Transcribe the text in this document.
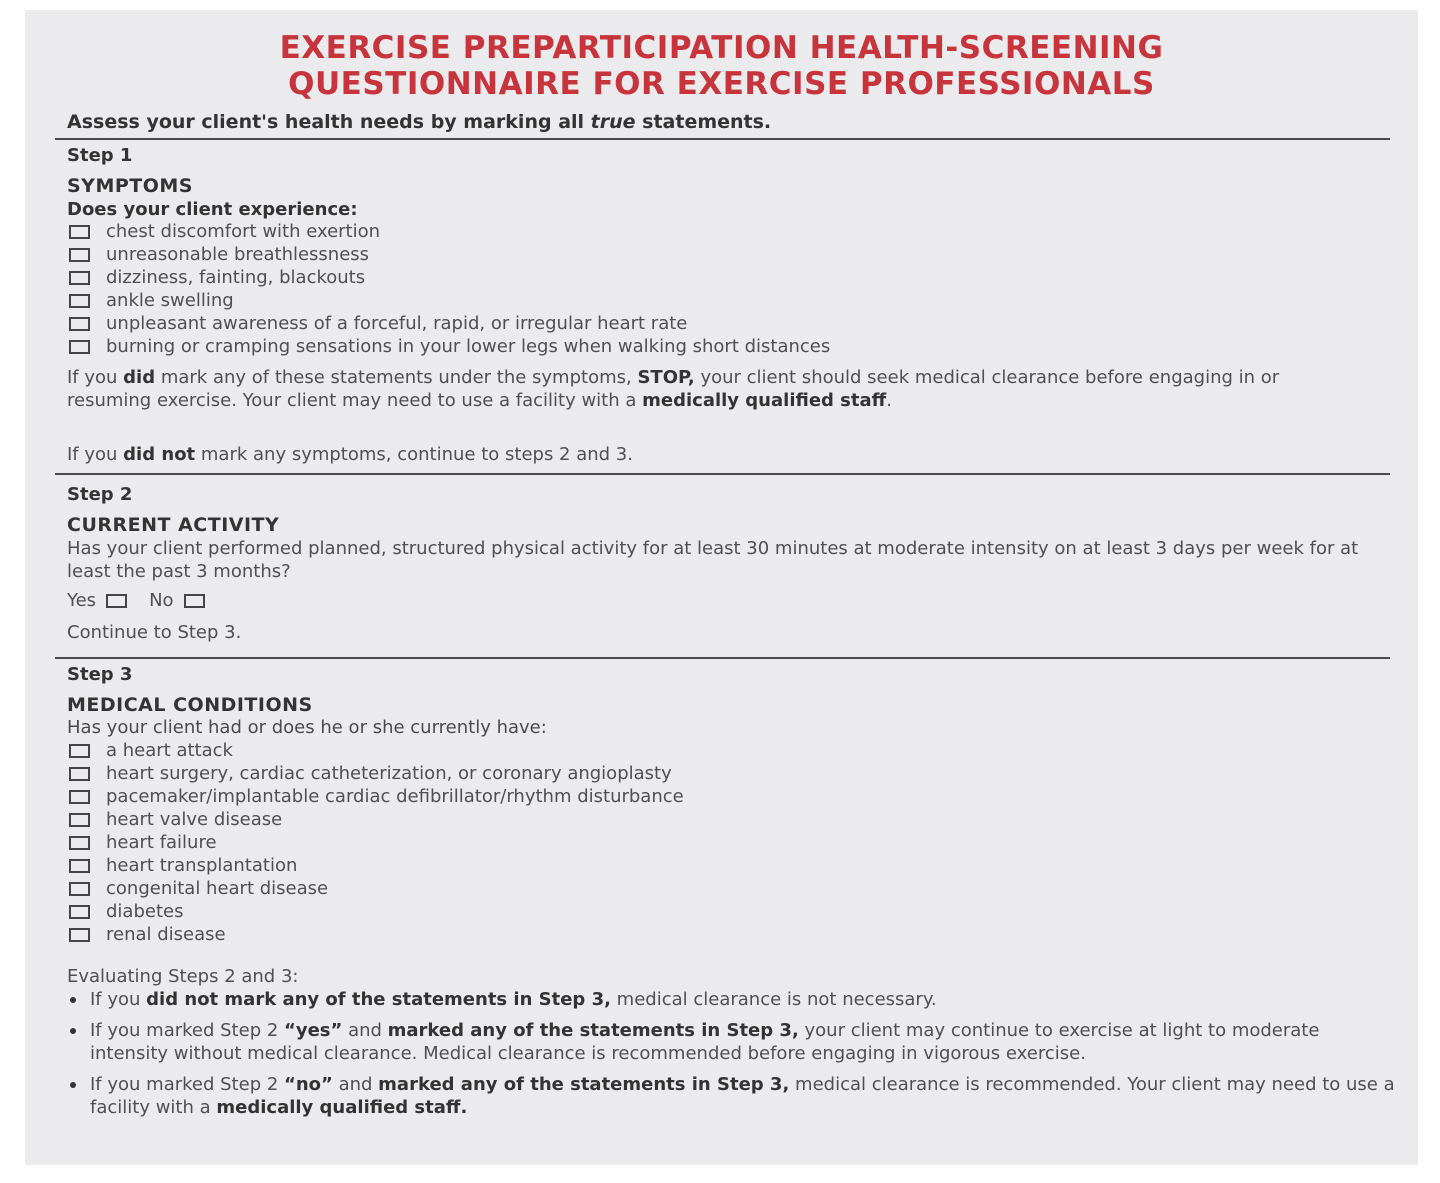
EXERCISE PREPARTICIPATION HEALTH-SCREENING
QUESTIONNAIRE FOR EXERCISE PROFESSIONALS
Assess your client's health needs by marking all true statements.
Step 1
SYMPTOMS
Does your client experience:
chest discomfort with exertion
unreasonable breathlessness
dizziness, fainting, blackouts
ankle swelling
unpleasant awareness of a forceful, rapid, or irregular heart rate
burning or cramping sensations in your lower legs when walking short distances
If you did mark any of these statements under the symptoms, STOP, your client should seek medical clearance before engaging in or resuming exercise. Your client may need to use a facility with a medically qualified staff.
If you did not mark any symptoms, continue to steps 2 and 3.
Step 2
CURRENT ACTIVITY
Has your client performed planned, structured physical activity for at least 30 minutes at moderate intensity on at least 3 days per week for at least the past 3 months?
Yes	No
Continue to Step 3.
Step 3
MEDICAL CONDITIONS
Has your client had or does he or she currently have:
a heart attack
heart surgery, cardiac catheterization, or coronary angioplasty
pacemaker/implantable cardiac defibrillator/rhythm disturbance
heart valve disease
heart failure
heart transplantation
congenital heart disease
diabetes
renal disease
Evaluating Steps 2 and 3:
If you did not mark any of the statements in Step 3, medical clearance is not necessary.
If you marked Step 2 “yes” and marked any of the statements in Step 3, your client may continue to exercise at light to moderate intensity without medical clearance. Medical clearance is recommended before engaging in vigorous exercise.
If you marked Step 2 “no” and marked any of the statements in Step 3, medical clearance is recommended. Your client may need to use a facility with a medically qualified staff.
